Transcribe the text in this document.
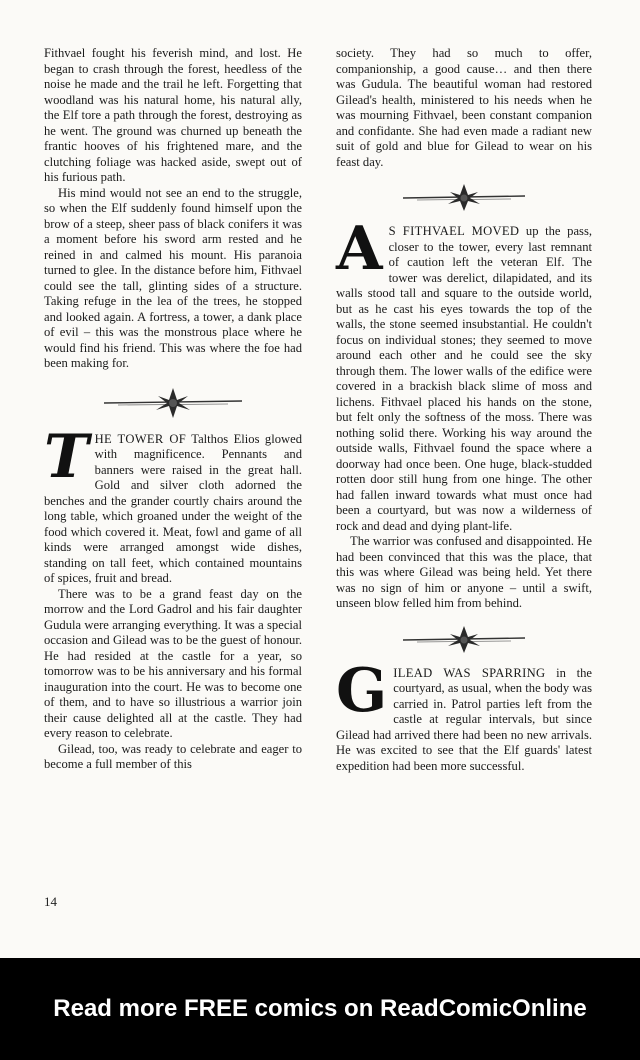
Fithvael fought his feverish mind, and lost. He began to crash through the forest, heedless of the noise he made and the trail he left. Forgetting that woodland was his natural home, his natural ally, the Elf tore a path through the forest, destroying as he went. The ground was churned up beneath the frantic hooves of his frightened mare, and the clutching foliage was hacked aside, swept out of his furious path.

His mind would not see an end to the struggle, so when the Elf suddenly found himself upon the brow of a steep, sheer pass of black conifers it was a moment before his sword arm rested and he reined in and calmed his mount. His paranoia turned to glee. In the distance before him, Fithvael could see the tall, glinting sides of a structure. Taking refuge in the lea of the trees, he stopped and looked again. A fortress, a tower, a dank place of evil – this was the monstrous place where he would find his friend. This was where the foe had been making for.

THE TOWER OF Talthos Elios glowed with magnificence. Pennants and banners were raised in the great hall. Gold and silver cloth adorned the benches and the grander courtly chairs around the long table, which groaned under the weight of the food which covered it. Meat, fowl and game of all kinds were arranged amongst wide dishes, standing on tall feet, which contained mountains of spices, fruit and bread.

There was to be a grand feast day on the morrow and the Lord Gadrol and his fair daughter Gudula were arranging everything. It was a special occasion and Gilead was to be the guest of honour. He had resided at the castle for a year, so tomorrow was to be his anniversary and his formal inauguration into the court. He was to become one of them, and to have so illustrious a warrior join their cause delighted all at the castle. They had every reason to celebrate.

Gilead, too, was ready to celebrate and eager to become a full member of this

society. They had so much to offer, companionship, a good cause… and then there was Gudula. The beautiful woman had restored Gilead's health, ministered to his needs when he was mourning Fithvael, been constant companion and confidante. She had even made a radiant new suit of gold and blue for Gilead to wear on his feast day.

A S FITHVAEL MOVED up the pass, closer to the tower, every last remnant of caution left the veteran Elf. The tower was derelict, dilapidated, and its walls stood tall and square to the outside world, but as he cast his eyes towards the top of the walls, the stone seemed insubstantial. He couldn't focus on individual stones; they seemed to move around each other and he could see the sky through them. The lower walls of the edifice were covered in a brackish black slime of moss and lichens. Fithvael placed his hands on the stone, but felt only the softness of the moss. There was nothing solid there. Working his way around the outside walls, Fithvael found the space where a doorway had once been. One huge, black-studded rotten door still hung from one hinge. The other had fallen inward towards what must once had been a courtyard, but was now a wilderness of rock and dead and dying plant-life.

The warrior was confused and disappointed. He had been convinced that this was the place, that this was where Gilead was being held. Yet there was no sign of him or anyone – until a swift, unseen blow felled him from behind.

GILEAD WAS SPARRING in the courtyard, as usual, when the body was carried in. Patrol parties left from the castle at regular intervals, but since Gilead had arrived there had been no new arrivals. He was excited to see that the Elf guards' latest expedition had been more successful.

14
Read more FREE comics on ReadComicOnline
